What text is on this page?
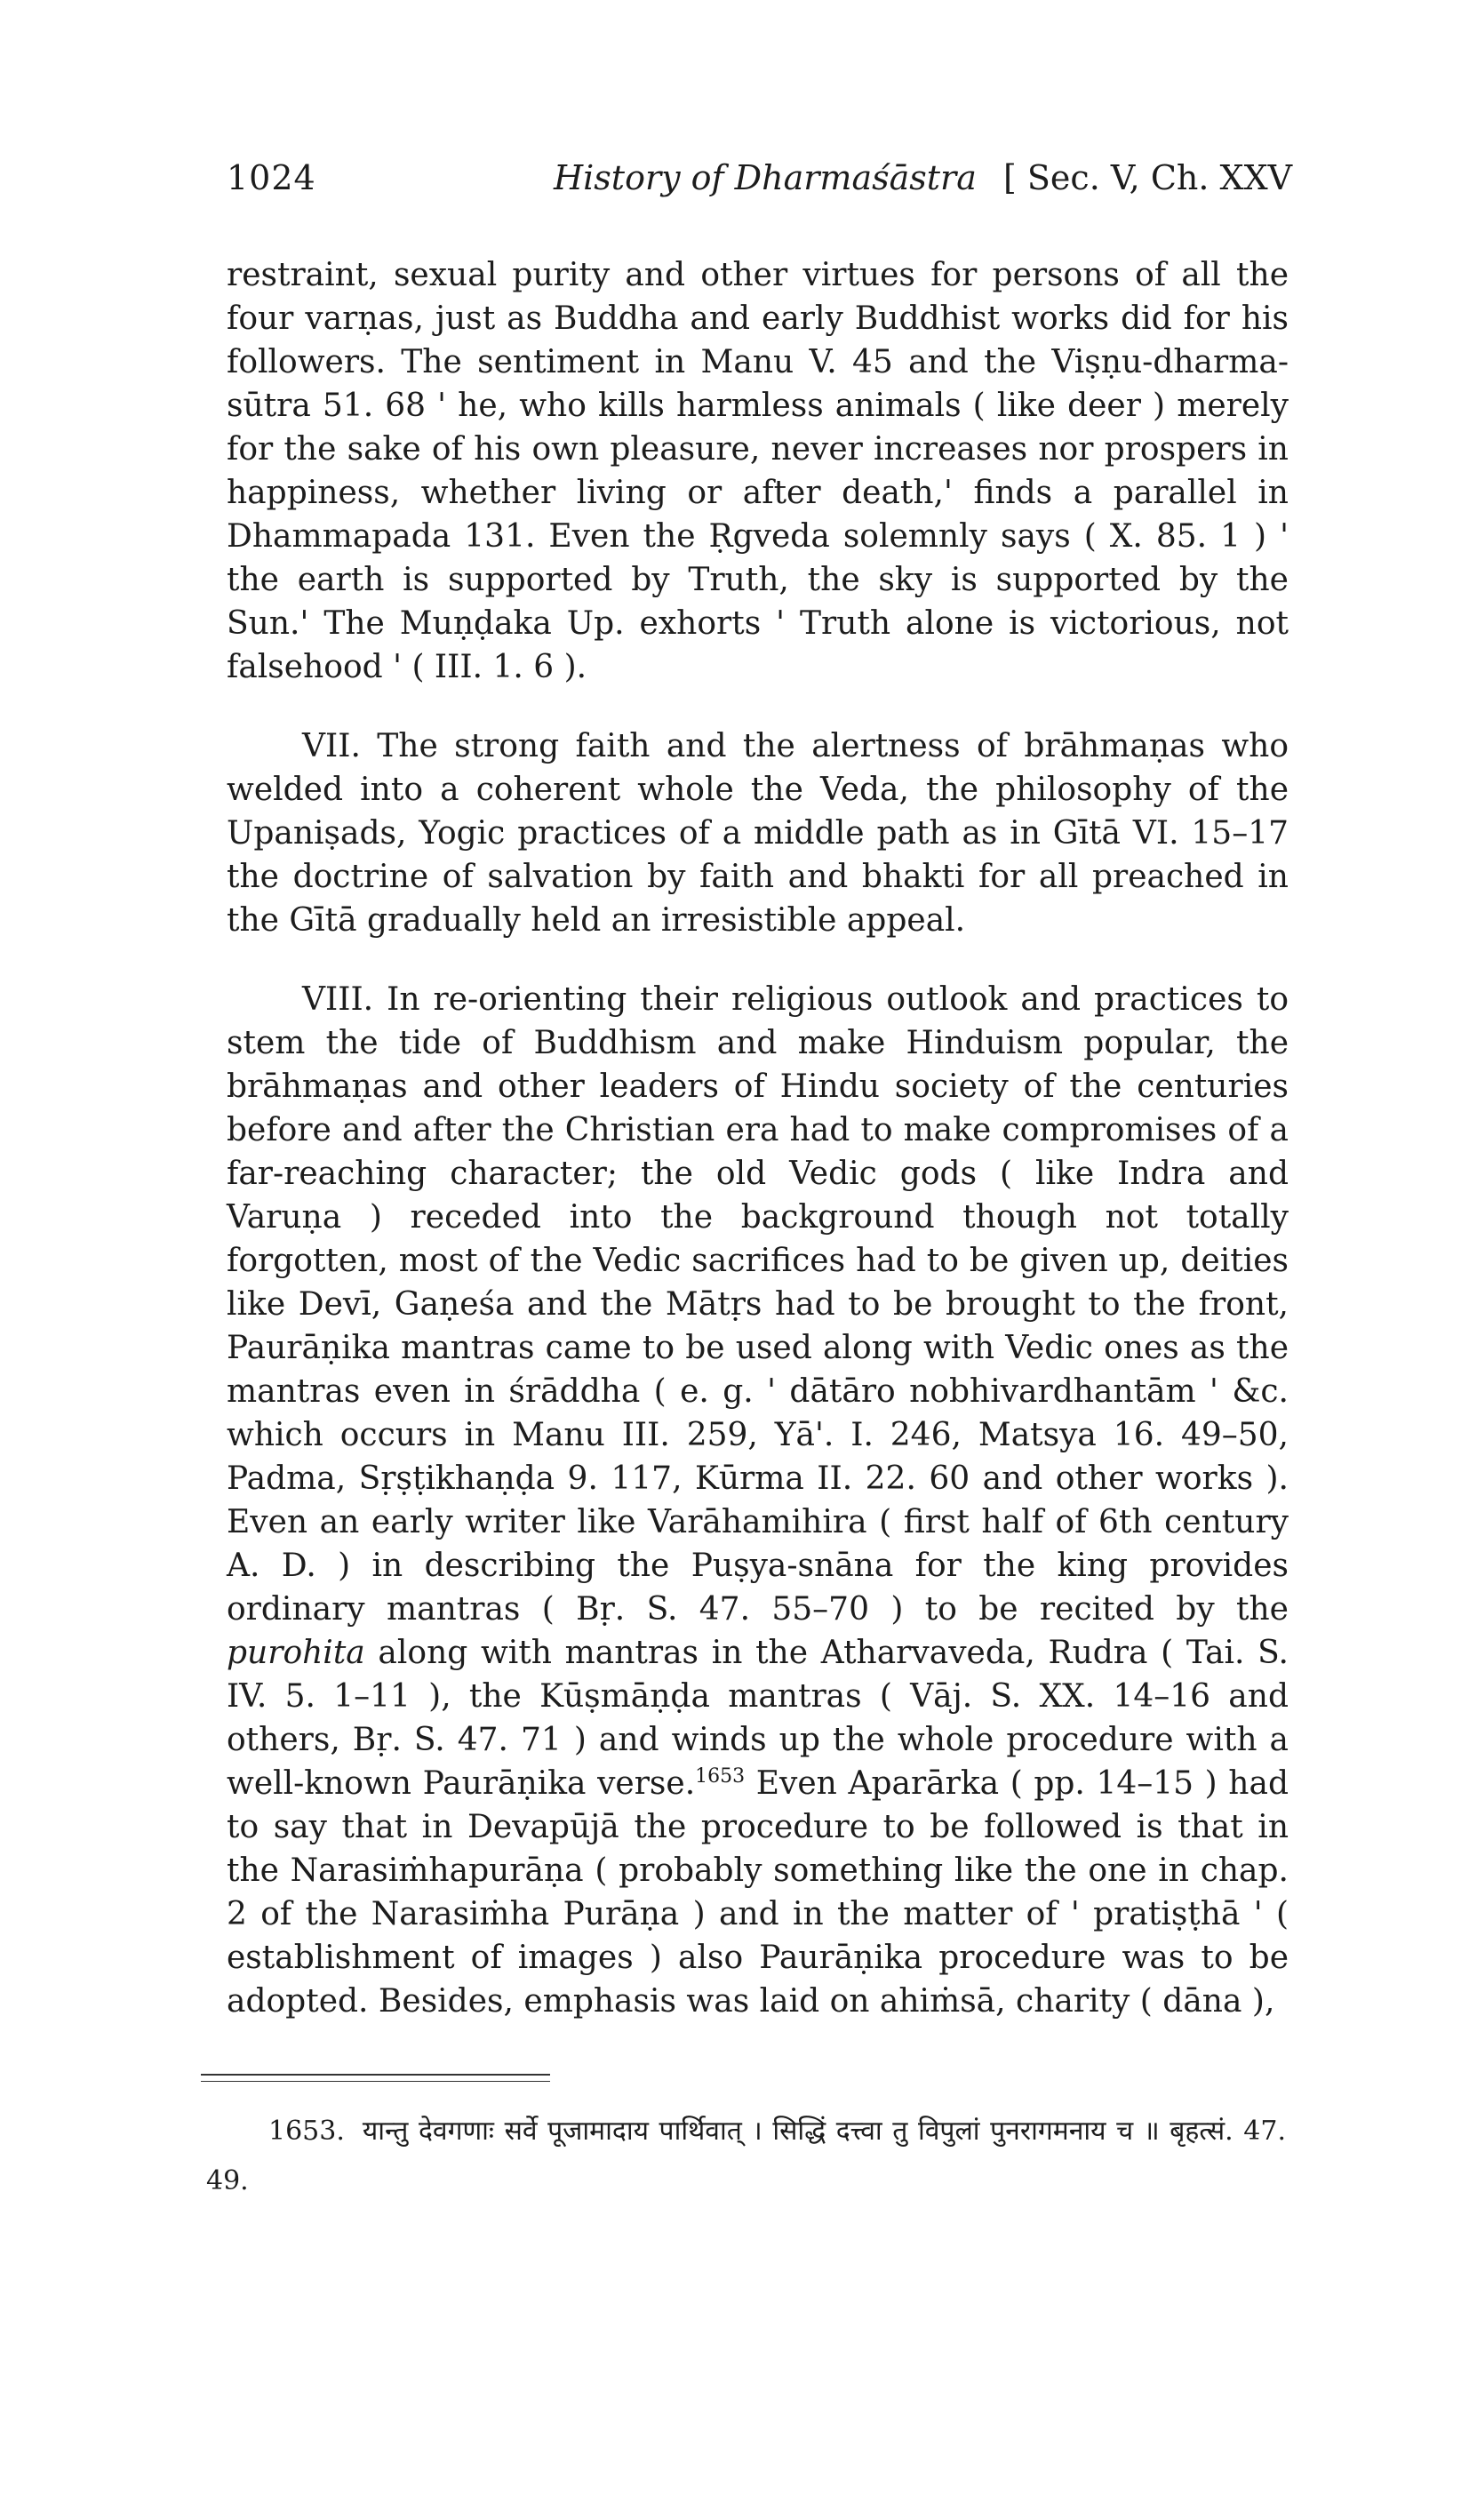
1024	History of Dharmaśāstra [ Sec. V, Ch. XXV

restraint, sexual purity and other virtues for persons of all the four varṇas, just as Buddha and early Buddhist works did for his followers. The sentiment in Manu V. 45 and the Viṣṇu-dharma-sūtra 51. 68 ' he, who kills harmless animals ( like deer ) merely for the sake of his own pleasure, never increases nor prospers in happiness, whether living or after death,' finds a parallel in Dhammapada 131. Even the Ṛgveda solemnly says ( X. 85. 1 ) ' the earth is supported by Truth, the sky is supported by the Sun.' The Muṇḍaka Up. exhorts ' Truth alone is victorious, not falsehood ' ( III. 1. 6 ).

VII. The strong faith and the alertness of brāhmaṇas who welded into a coherent whole the Veda, the philosophy of the Upaniṣads, Yogic practices of a middle path as in Gītā VI. 15–17 the doctrine of salvation by faith and bhakti for all preached in the Gītā gradually held an irresistible appeal.

VIII. In re-orienting their religious outlook and practices to stem the tide of Buddhism and make Hinduism popular, the brāhmaṇas and other leaders of Hindu society of the centuries before and after the Christian era had to make compromises of a far-reaching character; the old Vedic gods ( like Indra and Varuṇa ) receded into the background though not totally forgotten, most of the Vedic sacrifices had to be given up, deities like Devī, Gaṇeśa and the Mātṛs had to be brought to the front, Paurāṇika mantras came to be used along with Vedic ones as the mantras even in śrāddha ( e. g. ' dātāro nobhivardhantām ' &c. which occurs in Manu III. 259, Yā'. I. 246, Matsya 16. 49–50, Padma, Sṛṣṭikhaṇḍa 9. 117, Kūrma II. 22. 60 and other works ). Even an early writer like Varāhamihira ( first half of 6th century A. D. ) in describing the Puṣya-snāna for the king provides ordinary mantras ( Bṛ. S. 47. 55–70 ) to be recited by the purohita along with mantras in the Atharvaveda, Rudra ( Tai. S. IV. 5. 1–11 ), the Kūṣmāṇḍa mantras ( Vāj. S. XX. 14–16 and others, Bṛ. S. 47. 71 ) and winds up the whole procedure with a well-known Paurāṇika verse.$^{1653}$ Even Aparārka ( pp. 14–15 ) had to say that in Devapūjā the procedure to be followed is that in the Narasiṁhapurāṇa ( probably something like the one in chap. 2 of the Narasiṁha Purāṇa ) and in the matter of ' pratiṣṭhā ' ( establishment of images ) also Paurāṇika procedure was to be adopted. Besides, emphasis was laid on ahiṁsā, charity ( dāna ),

1653. यान्तु देवगणाः सर्वे पूजामादाय पार्थिवात् । सिद्धिं दत्त्वा तु विपुलां पुनरागमनाय च ॥ बृहत्सं. 47. 49.
